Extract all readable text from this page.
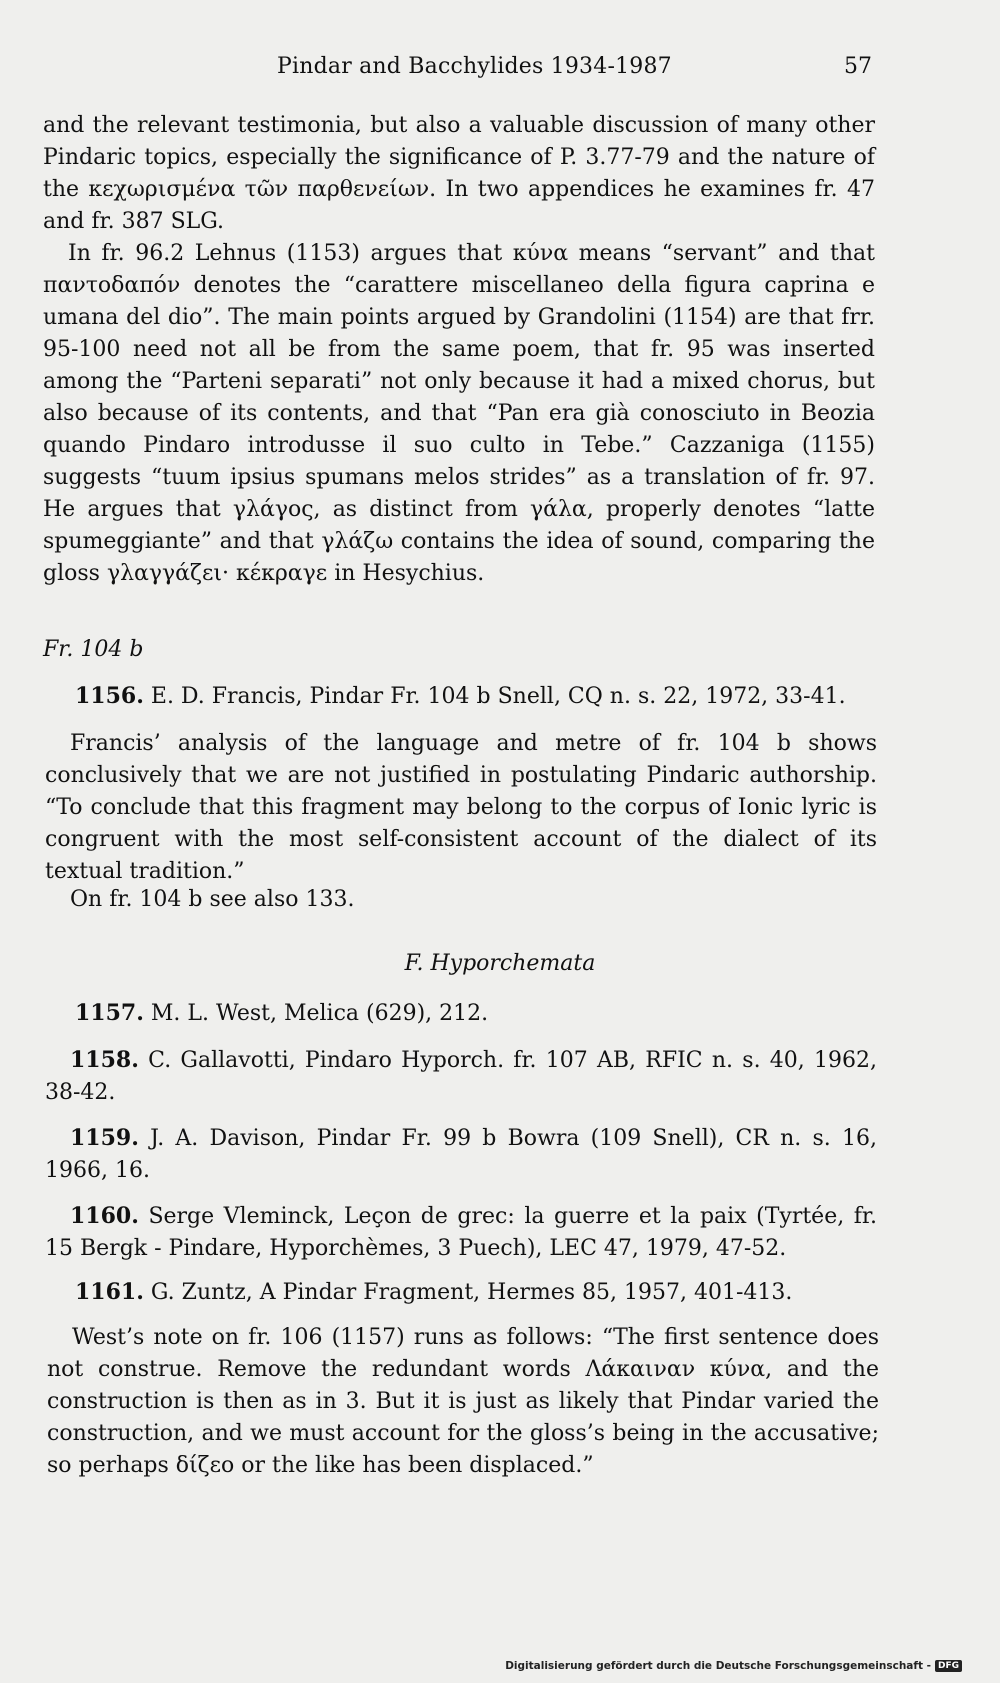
Pindar and Bacchylides 1934-1987	57
and the relevant testimonia, but also a valuable discussion of many other Pindaric topics, especially the significance of P. 3.77-79 and the nature of the κεχωρισμένα τῶν παρθενείων. In two appendices he examines fr. 47 and fr. 387 SLG.
In fr. 96.2 Lehnus (1153) argues that κύνα means “servant” and that παντοδαπόν denotes the “carattere miscellaneo della figura caprina e umana del dio”. The main points argued by Grandolini (1154) are that frr. 95-100 need not all be from the same poem, that fr. 95 was inserted among the “Parteni separati” not only because it had a mixed chorus, but also because of its contents, and that “Pan era già conosciuto in Beozia quando Pindaro introdusse il suo culto in Tebe.” Cazzaniga (1155) suggests “tuum ipsius spumans melos strides” as a translation of fr. 97. He argues that γλάγος, as distinct from γάλα, properly denotes “latte spumeggiante” and that γλάζω contains the idea of sound, comparing the gloss γλαγγάζει· κέκραγε in Hesychius.
Fr. 104 b
1156. E. D. Francis, Pindar Fr. 104 b Snell, CQ n. s. 22, 1972, 33-41.
Francis’ analysis of the language and metre of fr. 104 b shows conclusively that we are not justified in postulating Pindaric authorship. “To conclude that this fragment may belong to the corpus of Ionic lyric is congruent with the most self-consistent account of the dialect of its textual tradition.”
On fr. 104 b see also 133.
F. Hyporchemata
1157. M. L. West, Melica (629), 212.
1158. C. Gallavotti, Pindaro Hyporch. fr. 107 AB, RFIC n. s. 40, 1962, 38-42.
1159. J. A. Davison, Pindar Fr. 99 b Bowra (109 Snell), CR n. s. 16, 1966, 16.
1160. Serge Vleminck, Leçon de grec: la guerre et la paix (Tyrtée, fr. 15 Bergk - Pindare, Hyporchèmes, 3 Puech), LEC 47, 1979, 47-52.
1161. G. Zuntz, A Pindar Fragment, Hermes 85, 1957, 401-413.
West’s note on fr. 106 (1157) runs as follows: “The first sentence does not construe. Remove the redundant words Λάκαιναν κύνα, and the construction is then as in 3. But it is just as likely that Pindar varied the construction, and we must account for the gloss’s being in the accusative; so perhaps δίζεο or the like has been displaced.”
Digitalisierung gefördert durch die Deutsche Forschungsgemeinschaft - DFG
